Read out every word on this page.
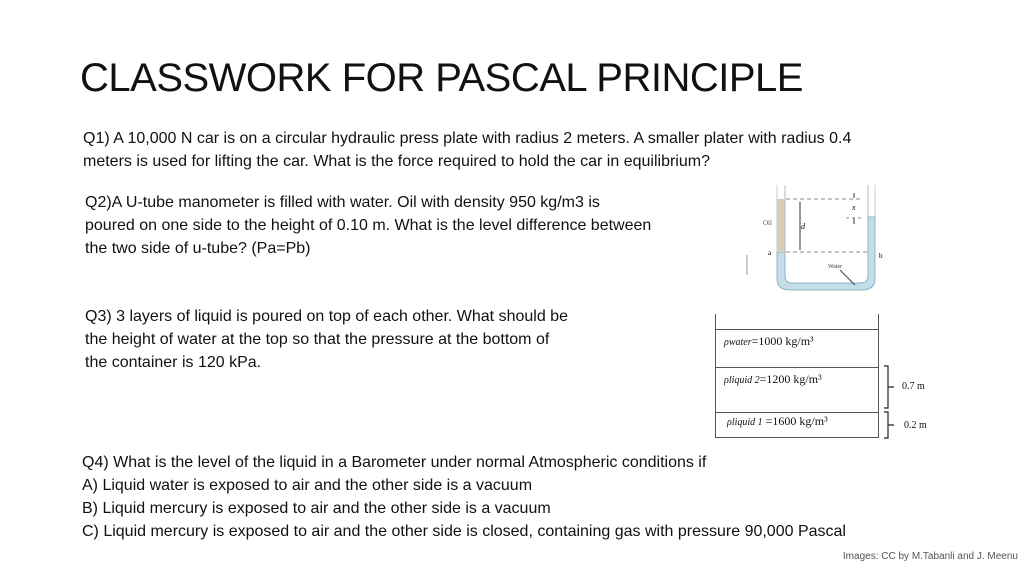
CLASSWORK FOR PASCAL PRINCIPLE
Q1) A 10,000 N car is on a circular hydraulic press plate with radius 2 meters. A smaller plater with radius 0.4
meters is used for lifting the car. What is the force required to hold the car in equilibrium?
Q2)A U-tube manometer is filled with water. Oil with density 950 kg/m3 is
poured on one side to the height of 0.10 m. What is the level difference between
the two side of u-tube? (Pa=Pb)
Oil	d
x
a	b
Water
Q3) 3 layers of liquid is poured on top of each other. What should be
the height of water at the top so that the pressure at the bottom of
the container is 120 kPa.
ρwater=1000 kg/m³
ρliquid 2=1200 kg/m³
ρliquid 1 =1600 kg/m³
0.7 m
0.2 m
Q4) What is the level of the liquid in a Barometer under normal Atmospheric conditions if
A) Liquid water is exposed to air and the other side is a vacuum
B) Liquid mercury is exposed to air and the other side is a vacuum
C) Liquid mercury is exposed to air and the other side is closed, containing gas with pressure 90,000 Pascal
Images: CC by M.Tabanli and J. Meenu
